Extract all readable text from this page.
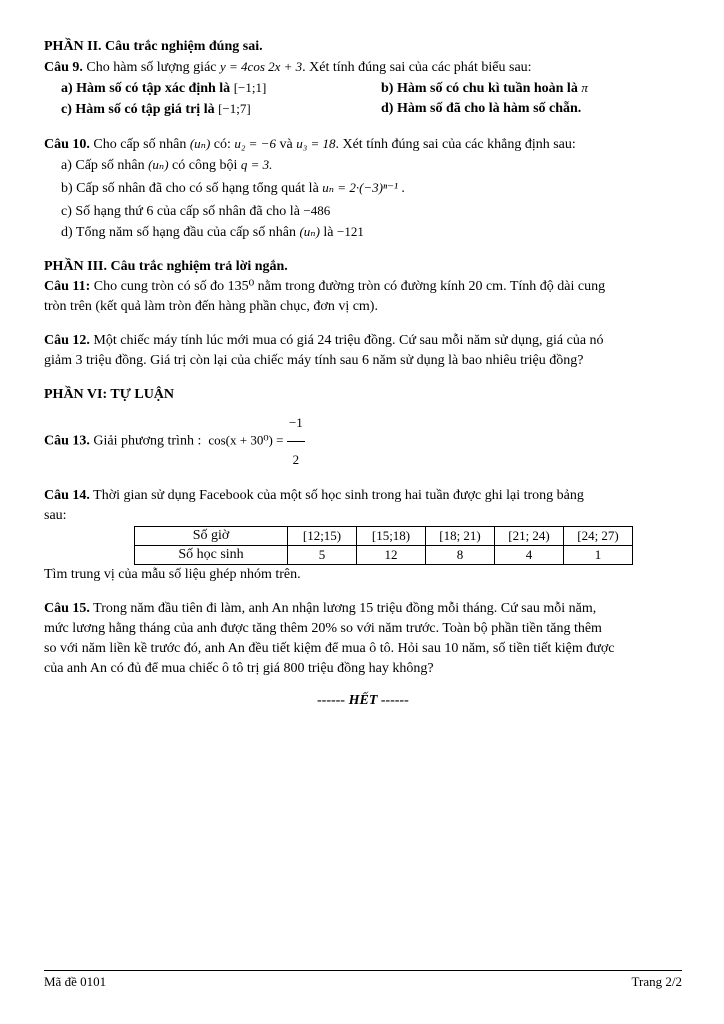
PHẦN II. Câu trắc nghiệm đúng sai.
Câu 9. Cho hàm số lượng giác y = 4cos 2x + 3. Xét tính đúng sai của các phát biểu sau:
a) Hàm số có tập xác định là [−1;1]	b) Hàm số có chu kì tuần hoàn là π
c) Hàm số có tập giá trị là [−1;7]	d) Hàm số đã cho là hàm số chẵn.
Câu 10. Cho cấp số nhân (uₙ) có: u₂ = −6 và u₃ = 18. Xét tính đúng sai của các khẳng định sau:
a) Cấp số nhân (uₙ) có công bội q = 3.
b) Cấp số nhân đã cho có số hạng tổng quát là uₙ = 2·(−3)ⁿ⁻¹ .
c) Số hạng thứ 6 của cấp số nhân đã cho là −486
d) Tổng năm số hạng đầu của cấp số nhân (uₙ) là −121
PHẦN III. Câu trắc nghiệm trả lời ngắn.
Câu 11: Cho cung tròn có số đo 135⁰ nằm trong đường tròn có đường kính 20 cm. Tính độ dài cung
tròn trên (kết quả làm tròn đến hàng phần chục, đơn vị cm).
Câu 12. Một chiếc máy tính lúc mới mua có giá 24 triệu đồng. Cứ sau mỗi năm sử dụng, giá của nó
giảm 3 triệu đồng. Giá trị còn lại của chiếc máy tính sau 6 năm sử dụng là bao nhiêu triệu đồng?
PHẦN VI: TỰ LUẬN
Câu 13. Giải phương trình : $\cos(x + 30^0) = \frac{-1}{2}$
Câu 14. Thời gian sử dụng Facebook của một số học sinh trong hai tuần được ghi lại trong bảng
sau:
Số giờ	[12;15)	[15;18)	[18; 21)	[21; 24)	[24; 27)
Số học sinh	5	12	8	4	1
Tìm trung vị của mẫu số liệu ghép nhóm trên.
Câu 15. Trong năm đầu tiên đi làm, anh An nhận lương 15 triệu đồng mỗi tháng. Cứ sau mỗi năm,
mức lương hằng tháng của anh được tăng thêm 20% so với năm trước. Toàn bộ phần tiền tăng thêm
so với năm liền kề trước đó, anh An đều tiết kiệm để mua ô tô. Hỏi sau 10 năm, số tiền tiết kiệm được
của anh An có đủ để mua chiếc ô tô trị giá 800 triệu đồng hay không?
------ HẾT ------
Mã đề 0101	Trang 2/2
